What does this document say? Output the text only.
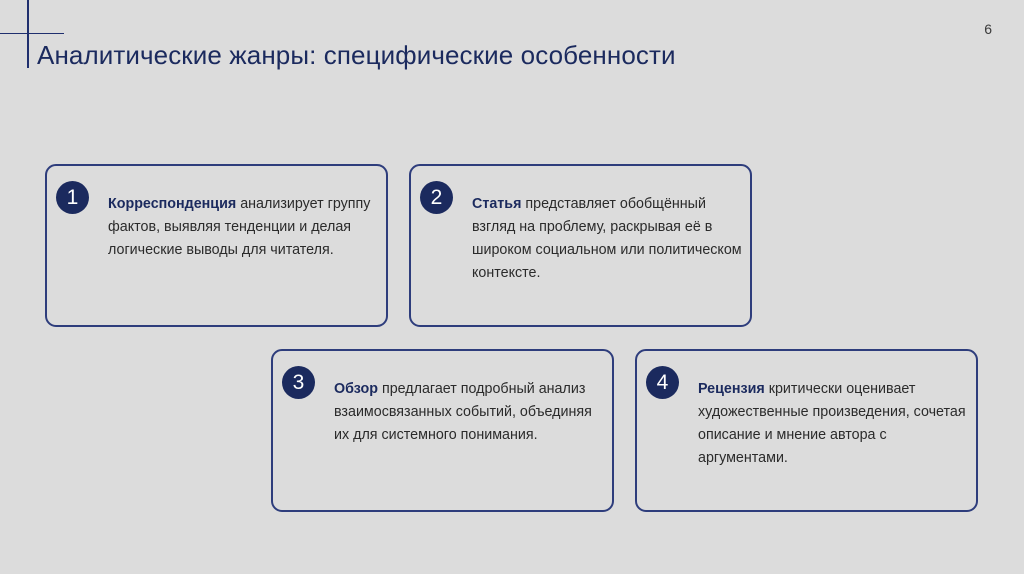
6
Аналитические жанры: специфические особенности
1	Корреспонденция анализирует группу фактов, выявляя тенденции и делая логические выводы для читателя.
2	Статья представляет обобщённый взгляд на проблему, раскрывая её в широком социальном или политическом контексте.
3	Обзор предлагает подробный анализ взаимосвязанных событий, объединяя их для системного понимания.
4	Рецензия критически оценивает художественные произведения, сочетая описание и мнение автора с аргументами.
